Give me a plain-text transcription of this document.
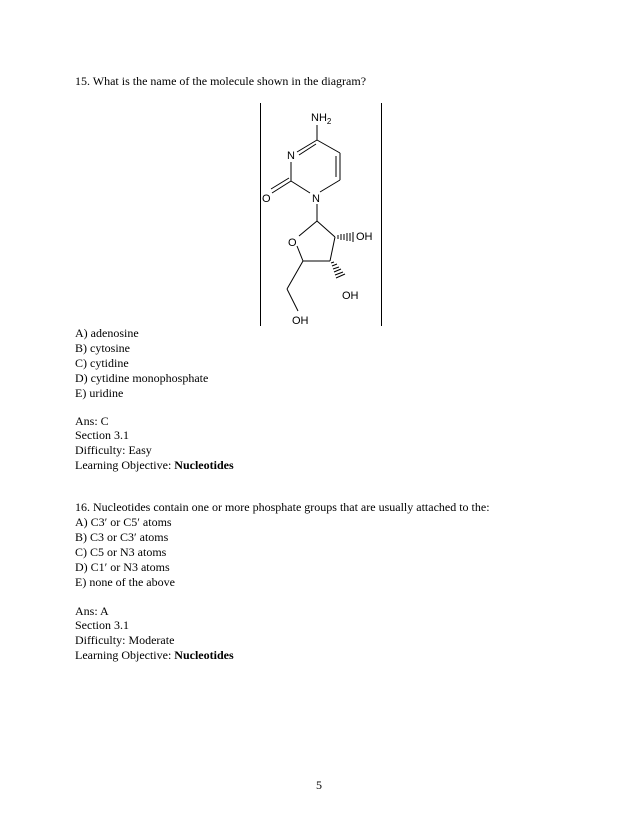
15. What is the name of the molecule shown in the diagram?
$NH_2$
N
O	N
O	OH
OH
OH
A) adenosine
B) cytosine
C) cytidine
D) cytidine monophosphate
E) uridine
Ans: C
Section 3.1
Difficulty: Easy
Learning Objective: Nucleotides
16. Nucleotides contain one or more phosphate groups that are usually attached to the:
A) C3′ or C5′ atoms
B) C3 or C3′ atoms
C) C5 or N3 atoms
D) C1′ or N3 atoms
E) none of the above
Ans: A
Section 3.1
Difficulty: Moderate
Learning Objective: Nucleotides
5
